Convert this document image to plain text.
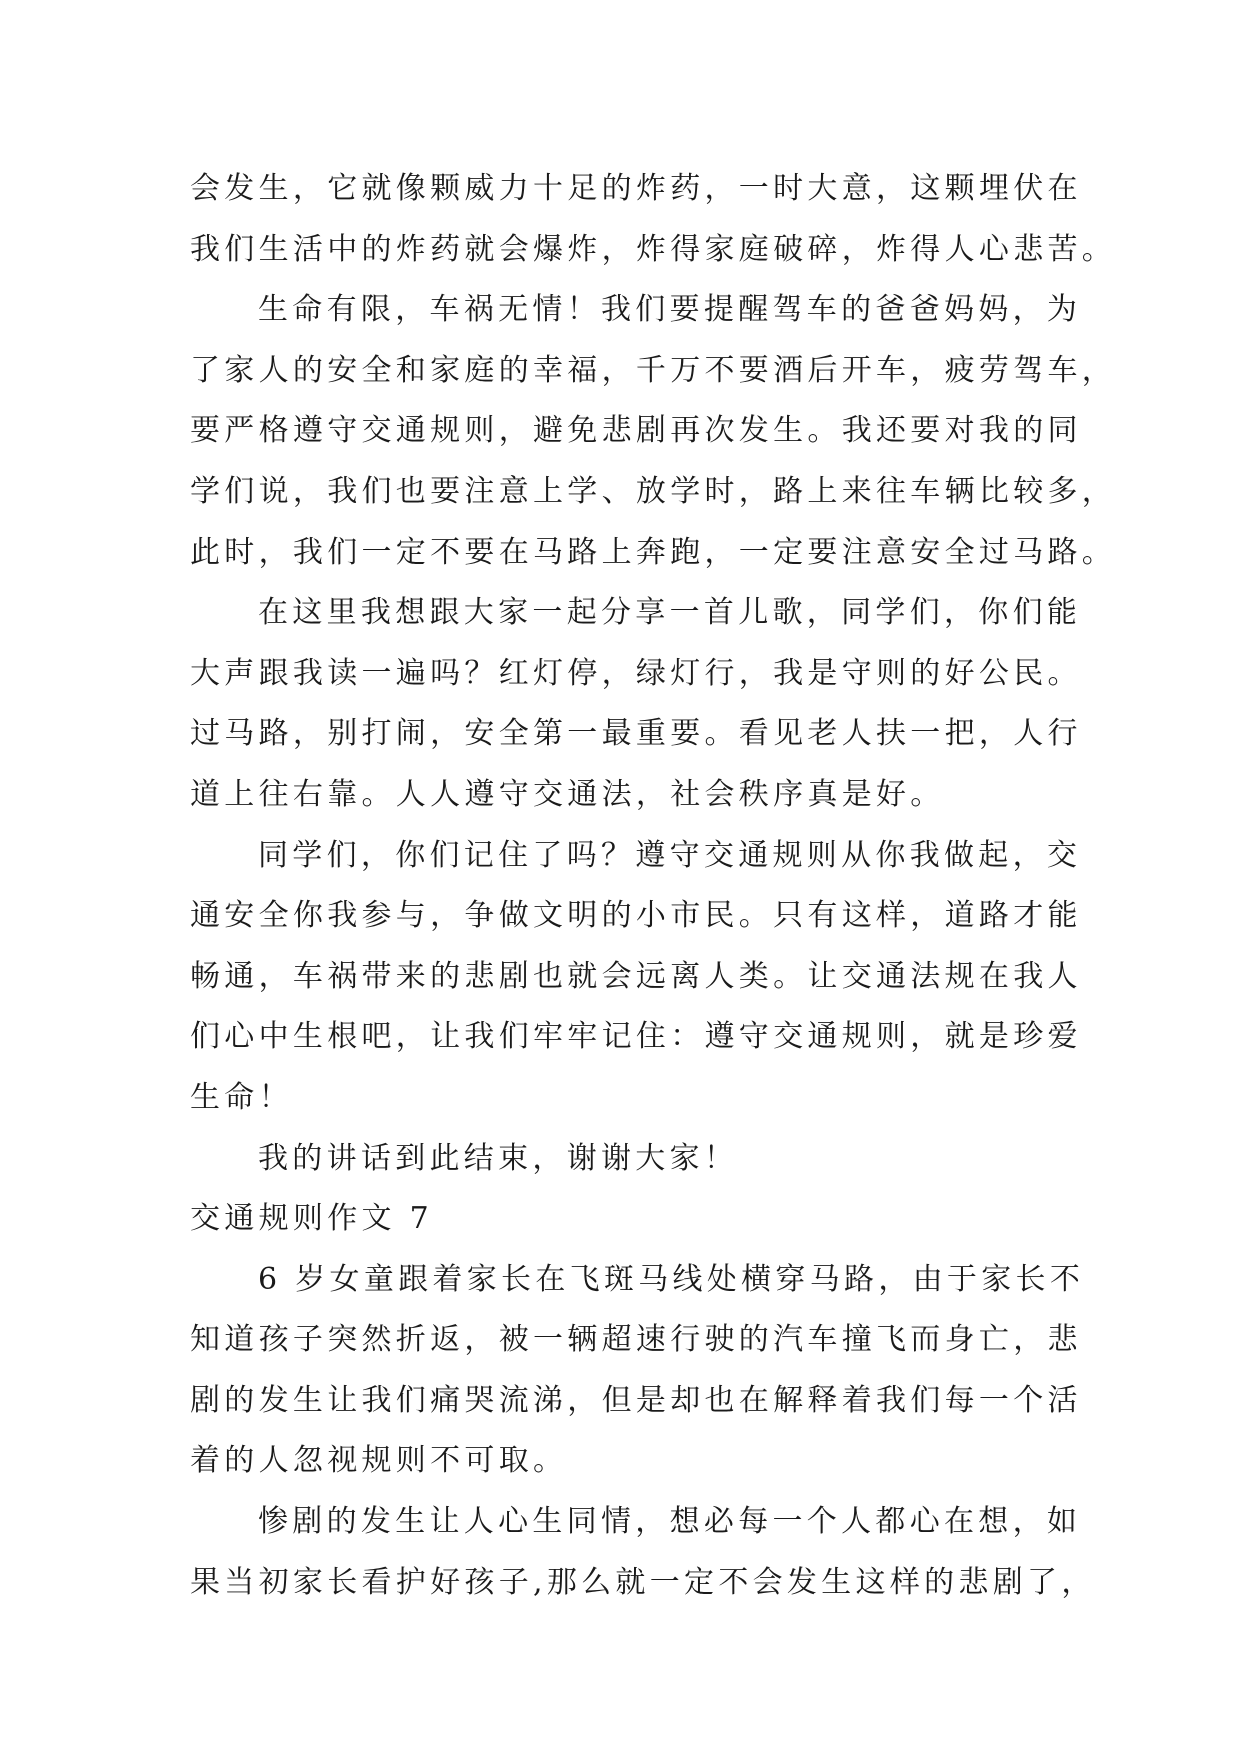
会发生，它就像颗威力十足的炸药，一时大意，这颗埋伏在
我们生活中的炸药就会爆炸，炸得家庭破碎，炸得人心悲苦。
生命有限，车祸无情！我们要提醒驾车的爸爸妈妈，为
了家人的安全和家庭的幸福，千万不要酒后开车，疲劳驾车，
要严格遵守交通规则，避免悲剧再次发生。我还要对我的同
学们说，我们也要注意上学、放学时，路上来往车辆比较多，
此时，我们一定不要在马路上奔跑，一定要注意安全过马路。
在这里我想跟大家一起分享一首儿歌，同学们，你们能
大声跟我读一遍吗？红灯停，绿灯行，我是守则的好公民。
过马路，别打闹，安全第一最重要。看见老人扶一把，人行
道上往右靠。人人遵守交通法，社会秩序真是好。
同学们，你们记住了吗？遵守交通规则从你我做起，交
通安全你我参与，争做文明的小市民。只有这样，道路才能
畅通，车祸带来的悲剧也就会远离人类。让交通法规在我人
们心中生根吧，让我们牢牢记住：遵守交通规则，就是珍爱
生命！
我的讲话到此结束，谢谢大家！
交通规则作文 7
6 岁女童跟着家长在飞斑马线处横穿马路，由于家长不
知道孩子突然折返，被一辆超速行驶的汽车撞飞而身亡，悲
剧的发生让我们痛哭流涕，但是却也在解释着我们每一个活
着的人忽视规则不可取。
惨剧的发生让人心生同情，想必每一个人都心在想，如
果当初家长看护好孩子,那么就一定不会发生这样的悲剧了，
